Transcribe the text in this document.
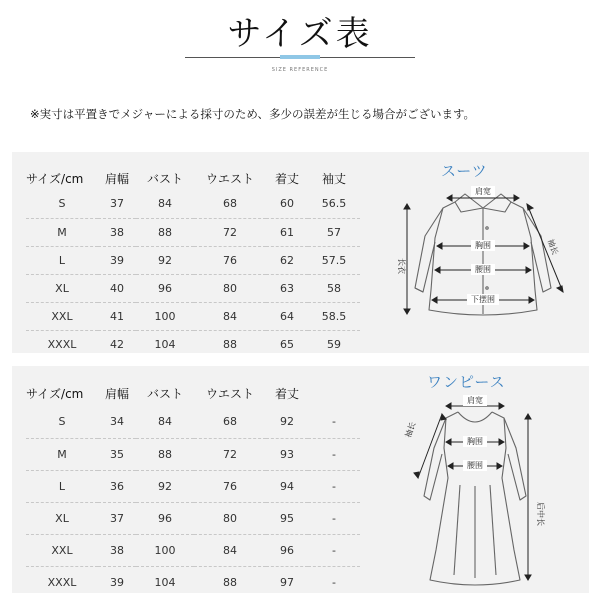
サイズ表
SIZE REFERENCE
※実寸は平置きでメジャーによる採寸のため、多少の誤差が生じる場合がございます。
サイズ/cm	肩幅	バスト	ウエスト	着丈	袖丈
S	37	84	68	60	56.5
M	38	88	72	61	57
L	39	92	76	62	57.5
XL	40	96	80	63	58
XXL	41	100	84	64	58.5
XXXL	42	104	88	65	59
サイズ/cm	肩幅	バスト	ウエスト	着丈	
S	34	84	68	92	-
M	35	88	72	93	-
L	36	92	76	94	-
XL	37	96	80	95	-
XXL	38	100	84	96	-
XXXL	39	104	88	97	-
スーツ
肩宽
胸围
腰围
下摆围
长衣
袖长
ワンピース
肩宽
胸围
腰围
袖长
后中长
